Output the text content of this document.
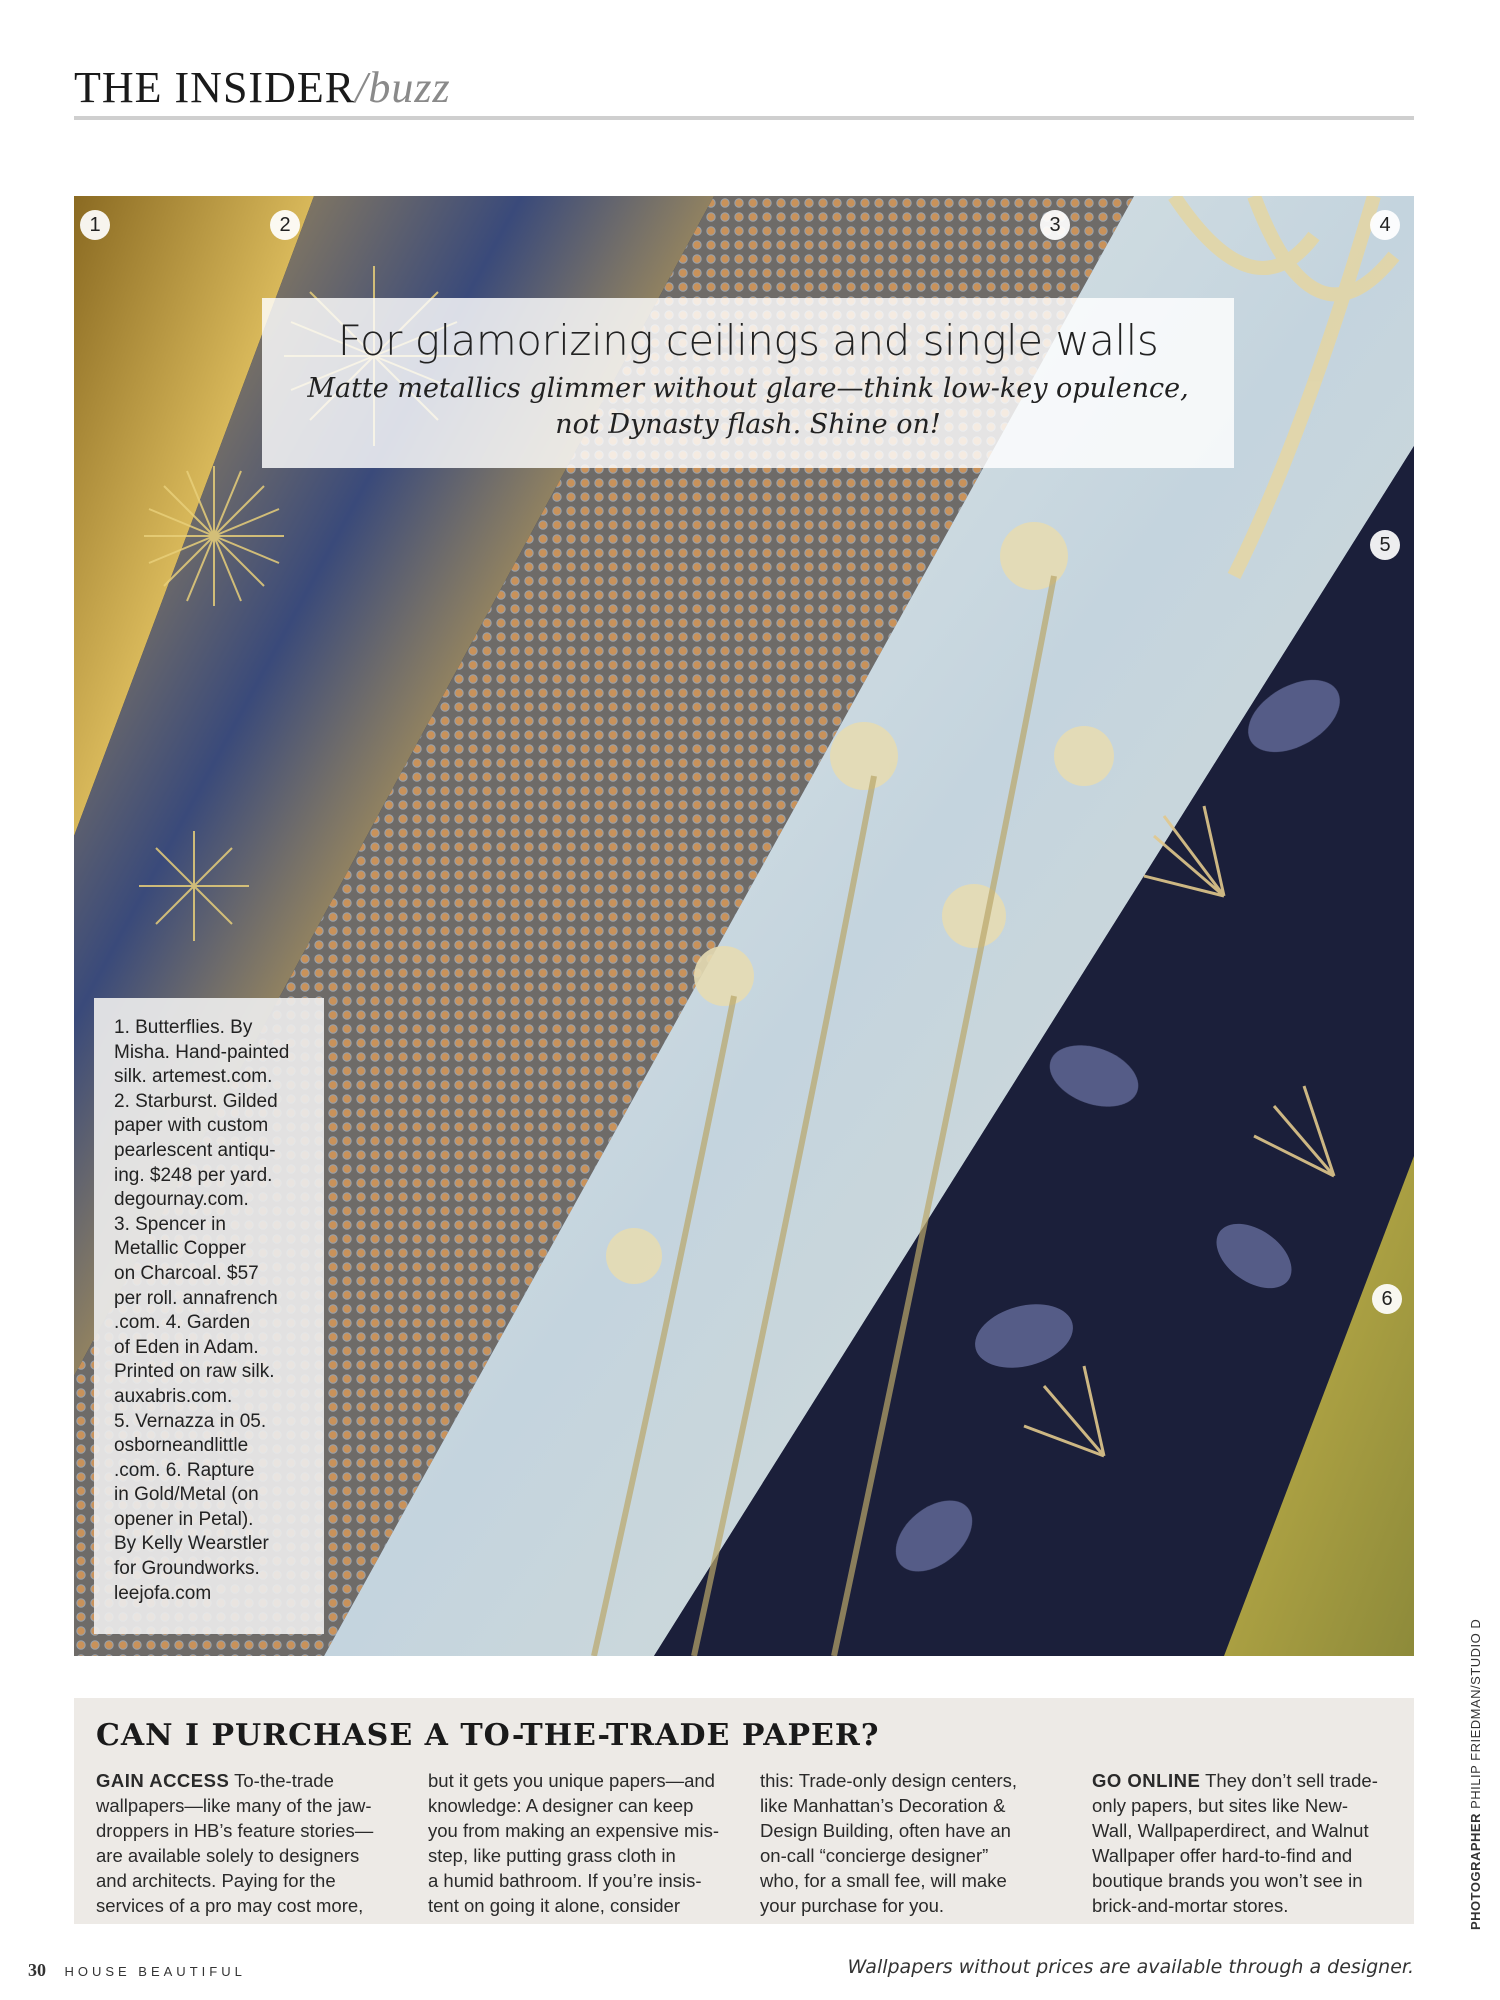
THE INSIDER/buzz
1	2	3	4
5
6
For glamorizing ceilings and single walls

Matte metallics glimmer without glare—think low-key opulence, not Dynasty flash. Shine on!

1. Butterflies. By
Misha. Hand-painted
silk. artemest.com.
2. Starburst. Gilded
paper with custom
pearlescent antiqu-
ing. $248 per yard.
degournay.com.
3. Spencer in
Metallic Copper
on Charcoal. $57
per roll. annafrench
.com. 4. Garden
of Eden in Adam.
Printed on raw silk.
auxabris.com.
5. Vernazza in 05.
osborneandlittle
.com. 6. Rapture
in Gold/Metal (on
opener in Petal).
By Kelly Wearstler
for Groundworks.
leejofa.com

CAN I PURCHASE A TO-THE-TRADE PAPER?
GAIN ACCESS To-the-trade
wallpapers—like many of the jaw-
droppers in HB’s feature stories—
are available solely to designers
and architects. Paying for the
services of a pro may cost more,
but it gets you unique papers—and
knowledge: A designer can keep
you from making an expensive mis-
step, like putting grass cloth in
a humid bathroom. If you’re insis-
tent on going it alone, consider
this: Trade-only design centers,
like Manhattan’s Decoration &
Design Building, often have an
on-call “concierge designer”
who, for a small fee, will make
your purchase for you.
GO ONLINE They don’t sell trade-
only papers, but sites like New-
Wall, Wallpaperdirect, and Walnut
Wallpaper offer hard-to-find and
boutique brands you won’t see in
brick-and-mortar stores.	PHOTOGRAPHER PHILIP FRIEDMAN/STUDIO D
30 HOUSE BEAUTIFUL	Wallpapers without prices are available through a designer.
